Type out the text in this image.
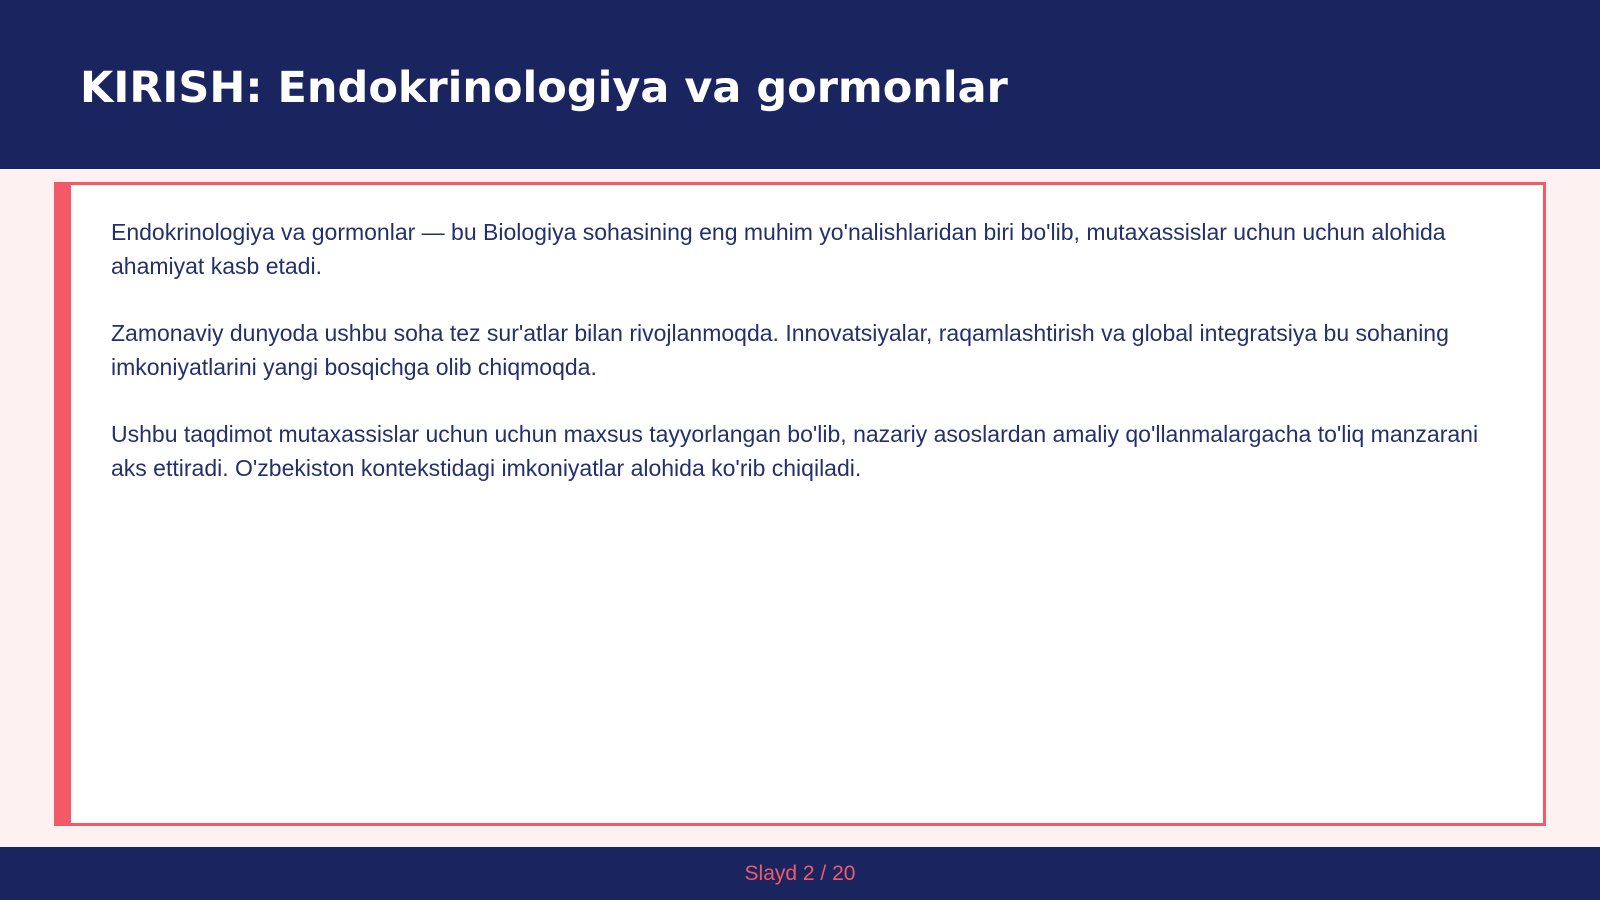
KIRISH: Endokrinologiya va gormonlar

Endokrinologiya va gormonlar — bu Biologiya sohasining eng muhim yo'nalishlaridan biri bo'lib, mutaxassislar uchun uchun alohida ahamiyat kasb etadi.

Zamonaviy dunyoda ushbu soha tez sur'atlar bilan rivojlanmoqda. Innovatsiyalar, raqamlashtirish va global integratsiya bu sohaning imkoniyatlarini yangi bosqichga olib chiqmoqda.

Ushbu taqdimot mutaxassislar uchun uchun maxsus tayyorlangan bo'lib, nazariy asoslardan amaliy qo'llanmalargacha to'liq manzarani aks ettiradi. O'zbekiston kontekstidagi imkoniyatlar alohida ko'rib chiqiladi.

Slayd 2 / 20
